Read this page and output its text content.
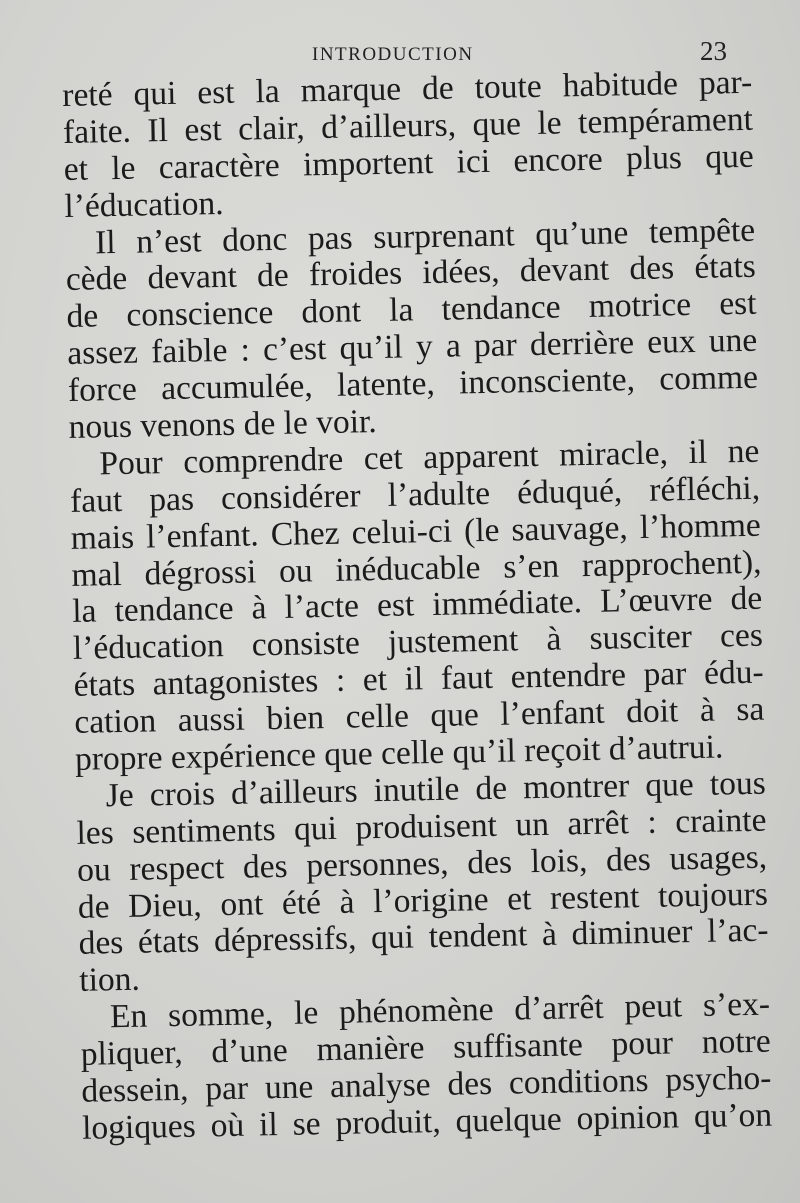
INTRODUCTION	23
reté qui est la marque de toute habitude par-
faite. Il est clair, d’ailleurs, que le tempérament
et le caractère importent ici encore plus que
l’éducation.
Il n’est donc pas surprenant qu’une tempête
cède devant de froides idées, devant des états
de conscience dont la tendance motrice est
assez faible : c’est qu’il y a par derrière eux une
force accumulée, latente, inconsciente, comme
nous venons de le voir.
Pour comprendre cet apparent miracle, il ne
faut pas considérer l’adulte éduqué, réfléchi,
mais l’enfant. Chez celui-ci (le sauvage, l’homme
mal dégrossi ou inéducable s’en rapprochent),
la tendance à l’acte est immédiate. L’œuvre de
l’éducation consiste justement à susciter ces
états antagonistes : et il faut entendre par édu-
cation aussi bien celle que l’enfant doit à sa
propre expérience que celle qu’il reçoit d’autrui.
Je crois d’ailleurs inutile de montrer que tous
les sentiments qui produisent un arrêt : crainte
ou respect des personnes, des lois, des usages,
de Dieu, ont été à l’origine et restent toujours
des états dépressifs, qui tendent à diminuer l’ac-
tion.
En somme, le phénomène d’arrêt peut s’ex-
pliquer, d’une manière suffisante pour notre
dessein, par une analyse des conditions psycho-
logiques où il se produit, quelque opinion qu’on
